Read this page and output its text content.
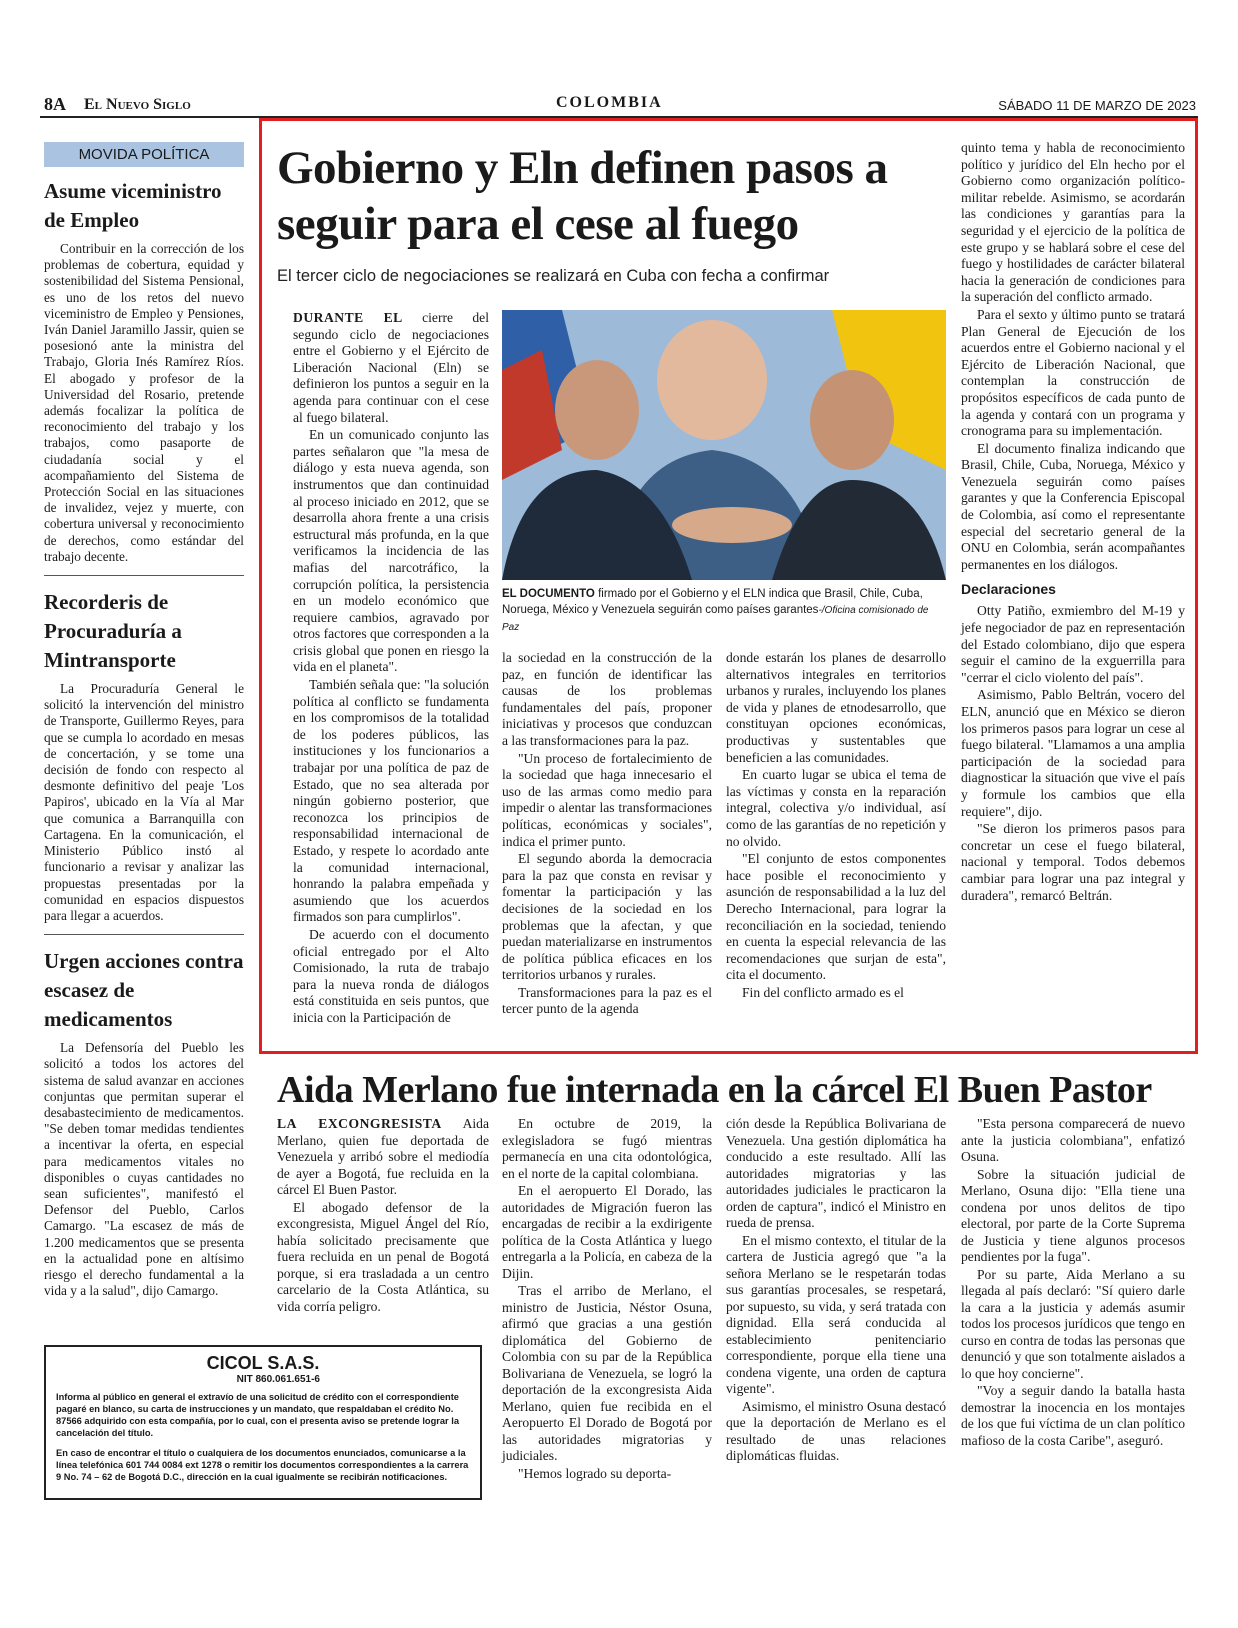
8A El Nuevo Siglo	COLOMBIA	SÁBADO 11 DE MARZO DE 2023
MOVIDA POLÍTICA
Asume viceministro de Empleo

Contribuir en la corrección de los problemas de cobertura, equidad y sostenibilidad del Sistema Pensional, es uno de los retos del nuevo viceministro de Empleo y Pensiones, Iván Daniel Jaramillo Jassir, quien se posesionó ante la ministra del Trabajo, Gloria Inés Ramírez Ríos. El abogado y profesor de la Universidad del Rosario, pretende además focalizar la política de reconocimiento del trabajo y los trabajos, como pasaporte de ciudadanía social y el acompañamiento del Sistema de Protección Social en las situaciones de invalidez, vejez y muerte, con cobertura universal y reconocimiento de derechos, como estándar del trabajo decente.

Recorderis de Procuraduría a Mintransporte

La Procuraduría General le solicitó la intervención del ministro de Transporte, Guillermo Reyes, para que se cumpla lo acordado en mesas de concertación, y se tome una decisión de fondo con respecto al desmonte definitivo del peaje 'Los Papiros', ubicado en la Vía al Mar que comunica a Barranquilla con Cartagena. En la comunicación, el Ministerio Público instó al funcionario a revisar y analizar las propuestas presentadas por la comunidad en espacios dispuestos para llegar a acuerdos.

Urgen acciones contra escasez de medicamentos

La Defensoría del Pueblo les solicitó a todos los actores del sistema de salud avanzar en acciones conjuntas que permitan superar el desabastecimiento de medicamentos. "Se deben tomar medidas tendientes a incentivar la oferta, en especial para medicamentos vitales no disponibles o cuyas cantidades no sean suficientes", manifestó el Defensor del Pueblo, Carlos Camargo. "La escasez de más de 1.200 medicamentos que se presenta en la actualidad pone en altísimo riesgo el derecho fundamental a la vida y a la salud", dijo Camargo.

Gobierno y Eln definen pasos a seguir para el cese al fuego
El tercer ciclo de negociaciones se realizará en Cuba con fecha a confirmar

DURANTE EL cierre del segundo ciclo de negociaciones entre el Gobierno y el Ejército de Liberación Nacional (Eln) se definieron los puntos a seguir en la agenda para continuar con el cese al fuego bilateral.

En un comunicado conjunto las partes señalaron que "la mesa de diálogo y esta nueva agenda, son instrumentos que dan continuidad al proceso iniciado en 2012, que se desarrolla ahora frente a una crisis estructural más profunda, en la que verificamos la incidencia de las mafias del narcotráfico, la corrupción política, la persistencia en un modelo económico que requiere cambios, agravado por otros factores que corresponden a la crisis global que ponen en riesgo la vida en el planeta".

También señala que: "la solución política al conflicto se fundamenta en los compromisos de la totalidad de los poderes públicos, las instituciones y los funcionarios a trabajar por una política de paz de Estado, que no sea alterada por ningún gobierno posterior, que reconozca los principios de responsabilidad internacional de Estado, y respete lo acordado ante la comunidad internacional, honrando la palabra empeñada y asumiendo que los acuerdos firmados son para cumplirlos".

De acuerdo con el documento oficial entregado por el Alto Comisionado, la ruta de trabajo para la nueva ronda de diálogos está constituida en seis puntos, que inicia con la Participación de

EL DOCUMENTO firmado por el Gobierno y el ELN indica que Brasil, Chile, Cuba, Noruega, México y Venezuela seguirán como países garantes-/Oficina comisionado de Paz

la sociedad en la construcción de la paz, en función de identificar las causas de los problemas fundamentales del país, proponer iniciativas y procesos que conduzcan a las transformaciones para la paz.

"Un proceso de fortalecimiento de la sociedad que haga innecesario el uso de las armas como medio para impedir o alentar las transformaciones políticas, económicas y sociales", indica el primer punto.

El segundo aborda la democracia para la paz que consta en revisar y fomentar la participación y las decisiones de la sociedad en los problemas que la afectan, y que puedan materializarse en instrumentos de política pública eficaces en los territorios urbanos y rurales.

Transformaciones para la paz es el tercer punto de la agenda

donde estarán los planes de desarrollo alternativos integrales en territorios urbanos y rurales, incluyendo los planes de vida y planes de etnodesarrollo, que constituyan opciones económicas, productivas y sustentables que beneficien a las comunidades.

En cuarto lugar se ubica el tema de las víctimas y consta en la reparación integral, colectiva y/o individual, así como de las garantías de no repetición y no olvido.

"El conjunto de estos componentes hace posible el reconocimiento y asunción de responsabilidad a la luz del Derecho Internacional, para lograr la reconciliación en la sociedad, teniendo en cuenta la especial relevancia de las recomendaciones que surjan de esta", cita el documento.

Fin del conflicto armado es el

quinto tema y habla de reconocimiento político y jurídico del Eln hecho por el Gobierno como organización político-militar rebelde. Asimismo, se acordarán las condiciones y garantías para la seguridad y el ejercicio de la política de este grupo y se hablará sobre el cese del fuego y hostilidades de carácter bilateral hacia la generación de condiciones para la superación del conflicto armado.

Para el sexto y último punto se tratará Plan General de Ejecución de los acuerdos entre el Gobierno nacional y el Ejército de Liberación Nacional, que contemplan la construcción de propósitos específicos de cada punto de la agenda y contará con un programa y cronograma para su implementación.

El documento finaliza indicando que Brasil, Chile, Cuba, Noruega, México y Venezuela seguirán como países garantes y que la Conferencia Episcopal de Colombia, así como el representante especial del secretario general de la ONU en Colombia, serán acompañantes permanentes en los diálogos.

Declaraciones

Otty Patiño, exmiembro del M-19 y jefe negociador de paz en representación del Estado colombiano, dijo que espera seguir el camino de la exguerrilla para "cerrar el ciclo violento del país".

Asimismo, Pablo Beltrán, vocero del ELN, anunció que en México se dieron los primeros pasos para lograr un cese al fuego bilateral. "Llamamos a una amplia participación de la sociedad para diagnosticar la situación que vive el país y formule los cambios que ella requiere", dijo.

"Se dieron los primeros pasos para concretar un cese el fuego bilateral, nacional y temporal. Todos debemos cambiar para lograr una paz integral y duradera", remarcó Beltrán.

Aida Merlano fue internada en la cárcel El Buen Pastor

LA EXCONGRESISTA Aida Merlano, quien fue deportada de Venezuela y arribó sobre el mediodía de ayer a Bogotá, fue recluida en la cárcel El Buen Pastor.

El abogado defensor de la excongresista, Miguel Ángel del Río, había solicitado precisamente que fuera recluida en un penal de Bogotá porque, si era trasladada a un centro carcelario de la Costa Atlántica, su vida corría peligro.

En octubre de 2019, la exlegisladora se fugó mientras permanecía en una cita odontológica, en el norte de la capital colombiana.

En el aeropuerto El Dorado, las autoridades de Migración fueron las encargadas de recibir a la exdirigente política de la Costa Atlántica y luego entregarla a la Policía, en cabeza de la Dijin.

Tras el arribo de Merlano, el ministro de Justicia, Néstor Osuna, afirmó que gracias a una gestión diplomática del Gobierno de Colombia con su par de la República Bolivariana de Venezuela, se logró la deportación de la excongresista Aida Merlano, quien fue recibida en el Aeropuerto El Dorado de Bogotá por las autoridades migratorias y judiciales.

"Hemos logrado su deporta-

ción desde la República Bolivariana de Venezuela. Una gestión diplomática ha conducido a este resultado. Allí las autoridades migratorias y las autoridades judiciales le practicaron la orden de captura", indicó el Ministro en rueda de prensa.

En el mismo contexto, el titular de la cartera de Justicia agregó que "a la señora Merlano se le respetarán todas sus garantías procesales, se respetará, por supuesto, su vida, y será tratada con dignidad. Ella será conducida al establecimiento penitenciario correspondiente, porque ella tiene una condena vigente, una orden de captura vigente".

Asimismo, el ministro Osuna destacó que la deportación de Merlano es el resultado de unas relaciones diplomáticas fluidas.

"Esta persona comparecerá de nuevo ante la justicia colombiana", enfatizó Osuna.

Sobre la situación judicial de Merlano, Osuna dijo: "Ella tiene una condena por unos delitos de tipo electoral, por parte de la Corte Suprema de Justicia y tiene algunos procesos pendientes por la fuga".

Por su parte, Aida Merlano a su llegada al país declaró: "Sí quiero darle la cara a la justicia y además asumir todos los procesos jurídicos que tengo en curso en contra de todas las personas que denunció y que son totalmente aislados a lo que hoy concierne".

"Voy a seguir dando la batalla hasta demostrar la inocencia en los montajes de los que fui víctima de un clan político mafioso de la costa Caribe", aseguró.

CICOL S.A.S.
NIT 860.061.651-6

Informa al público en general el extravío de una solicitud de crédito con el correspondiente pagaré en blanco, su carta de instrucciones y un mandato, que respaldaban el crédito No. 87566 adquirido con esta compañía, por lo cual, con el presenta aviso se pretende lograr la cancelación del título.

En caso de encontrar el título o cualquiera de los documentos enunciados, comunicarse a la línea telefónica 601 744 0084 ext 1278 o remitir los documentos correspondientes a la carrera 9 No. 74 – 62 de Bogotá D.C., dirección en la cual igualmente se recibirán notificaciones.
